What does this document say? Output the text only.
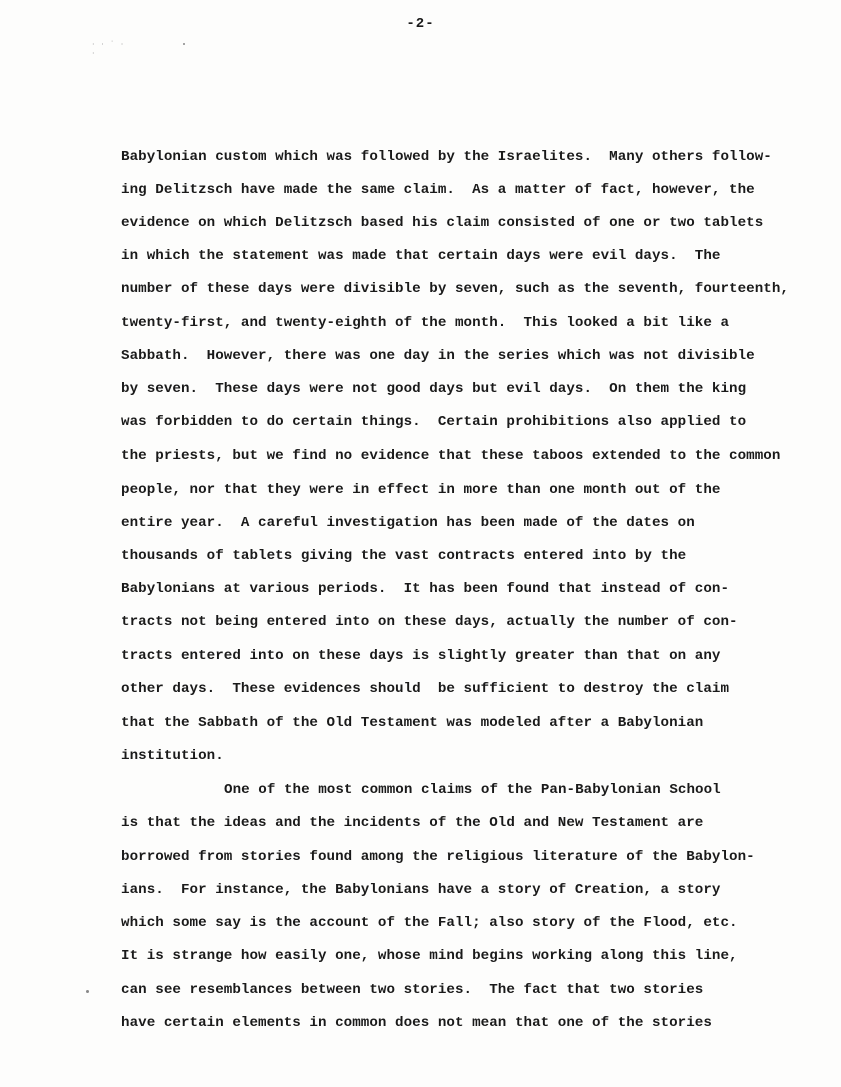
· · ˙ · ·
-2-
Babylonian custom which was followed by the Israelites.  Many others follow-
ing Delitzsch have made the same claim.  As a matter of fact, however, the
evidence on which Delitzsch based his claim consisted of one or two tablets
in which the statement was made that certain days were evil days.  The
number of these days were divisible by seven, such as the seventh, fourteenth,
twenty-first, and twenty-eighth of the month.  This looked a bit like a
Sabbath.  However, there was one day in the series which was not divisible
by seven.  These days were not good days but evil days.  On them the king
was forbidden to do certain things.  Certain prohibitions also applied to
the priests, but we find no evidence that these taboos extended to the common
people, nor that they were in effect in more than one month out of the
entire year.  A careful investigation has been made of the dates on
thousands of tablets giving the vast contracts entered into by the
Babylonians at various periods.  It has been found that instead of con-
tracts not being entered into on these days, actually the number of con-
tracts entered into on these days is slightly greater than that on any
other days.  These evidences should  be sufficient to destroy the claim
that the Sabbath of the Old Testament was modeled after a Babylonian
institution.
One of the most common claims of the Pan-Babylonian School
is that the ideas and the incidents of the Old and New Testament are
borrowed from stories found among the religious literature of the Babylon-
ians.  For instance, the Babylonians have a story of Creation, a story
which some say is the account of the Fall; also story of the Flood, etc.
It is strange how easily one, whose mind begins working along this line,
can see resemblances between two stories.  The fact that two stories
have certain elements in common does not mean that one of the stories
